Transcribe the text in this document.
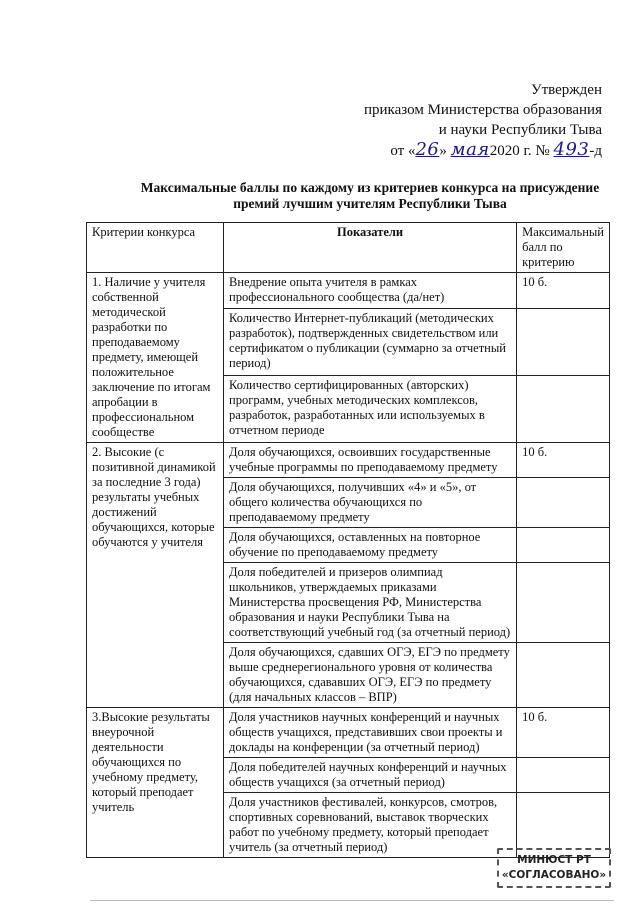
Утвержден
приказом Министерства образования
и науки Республики Тыва
от «26» мая2020 г. № 493-д
Максимальные баллы по каждому из критериев конкурса на присуждение премий лучшим учителям Республики Тыва
Критерии конкурса	Показатели	Максимальный балл по критерию
1. Наличие у учителя собственной методической разработки по преподаваемому предмету, имеющей положительное заключение по итогам апробации в профессиональном сообществе	Внедрение опыта учителя в рамках профессионального сообщества (да/нет)	10 б.
	Количество Интернет-публикаций (методических разработок), подтвержденных свидетельством или сертификатом о публикации (суммарно за отчетный период)	
	Количество сертифицированных (авторских) программ, учебных методических комплексов, разработок, разработанных или используемых в отчетном периоде	
2. Высокие (с позитивной динамикой за последние 3 года) результаты учебных достижений обучающихся, которые обучаются у учителя	Доля обучающихся, освоивших государственные учебные программы по преподаваемому предмету	10 б.
	Доля обучающихся, получивших «4» и «5», от общего количества обучающихся по преподаваемому предмету	
	Доля обучающихся, оставленных на повторное обучение по преподаваемому предмету	
	Доля победителей и призеров олимпиад школьников, утверждаемых приказами Министерства просвещения РФ, Министерства образования и науки Республики Тыва на соответствующий учебный год (за отчетный период)	
	Доля обучающихся, сдавших ОГЭ, ЕГЭ по предмету выше среднерегионального уровня от количества обучающихся, сдававших ОГЭ, ЕГЭ по предмету (для начальных классов – ВПР)	
3.Высокие результаты внеурочной деятельности обучающихся по учебному предмету, который преподает учитель	Доля участников научных конференций и научных обществ учащихся, представивших свои проекты и доклады на конференции (за отчетный период)	10 б.
	Доля победителей научных конференций и научных обществ учащихся (за отчетный период)	
	Доля участников фестивалей, конкурсов, смотров, спортивных соревнований, выставок творческих работ по учебному предмету, который преподает учитель (за отчетный период)	
МИНЮСТ РТ
«СОГЛАСОВАНО»
